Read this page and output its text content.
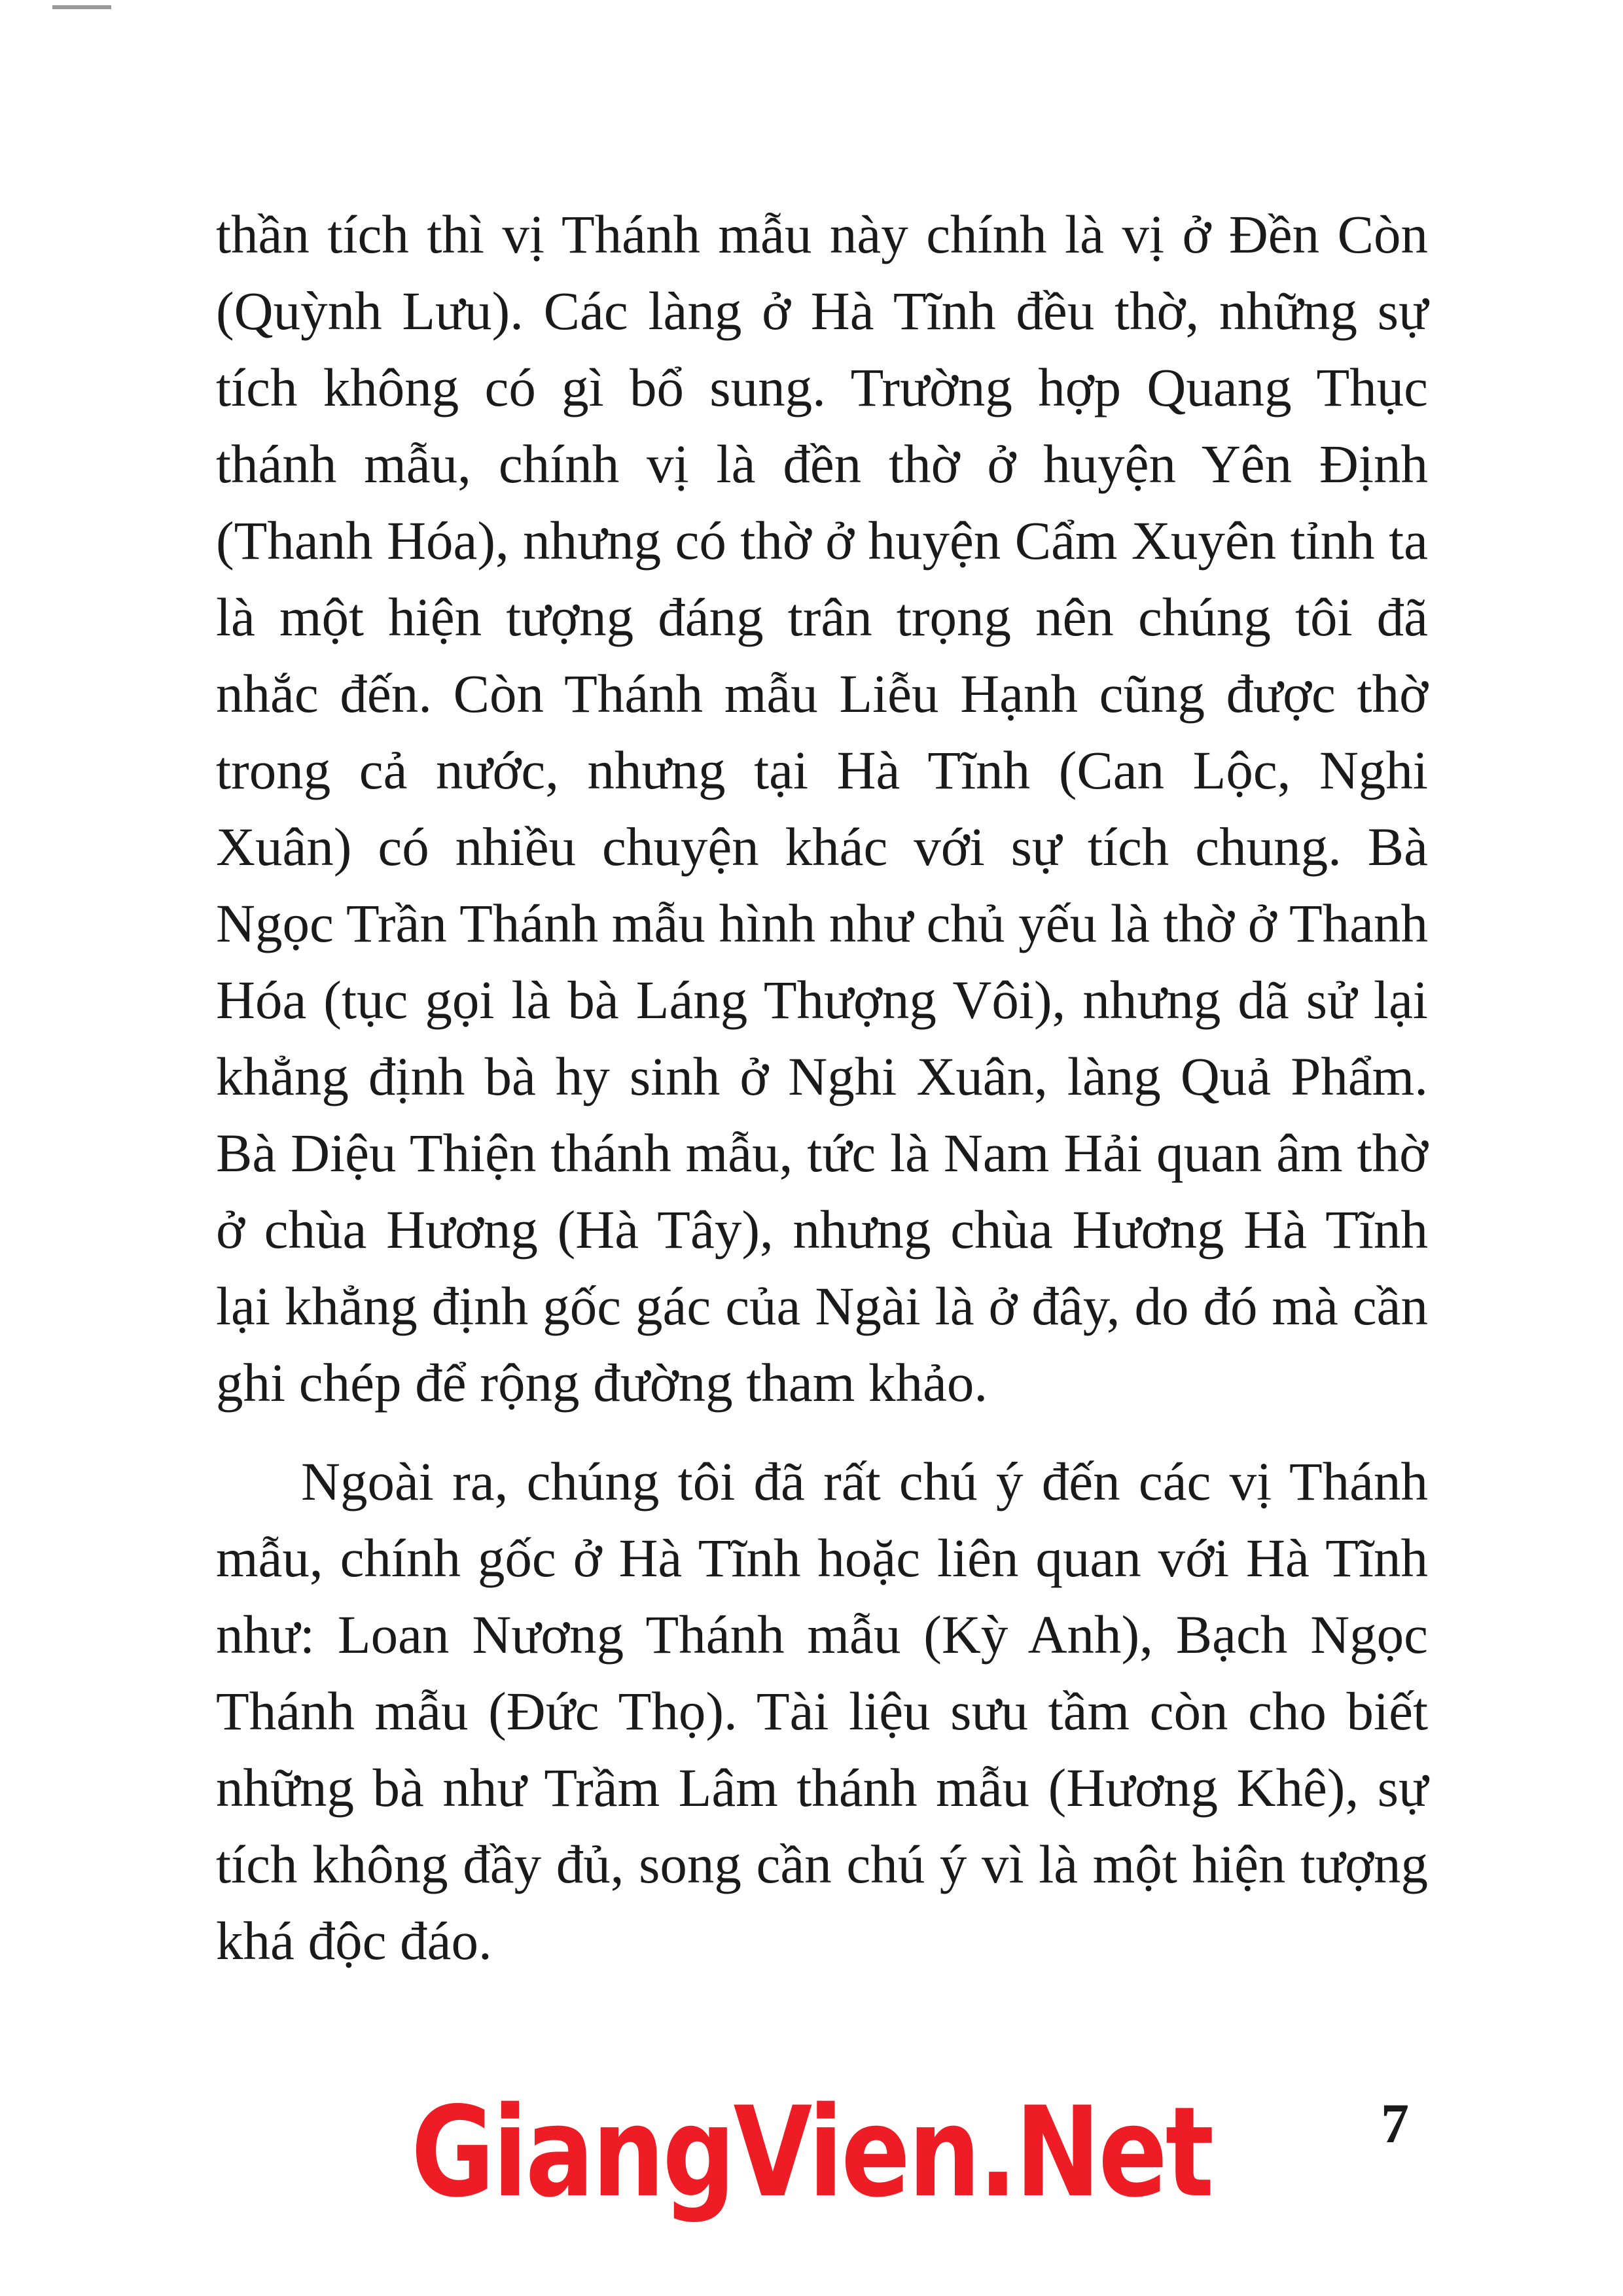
thần tích thì vị Thánh mẫu này chính là vị ở Đền Còn (Quỳnh Lưu). Các làng ở Hà Tĩnh đều thờ, những sự tích không có gì bổ sung. Trường hợp Quang Thục thánh mẫu, chính vị là đền thờ ở huyện Yên Định (Thanh Hóa), nhưng có thờ ở huyện Cẩm Xuyên tỉnh ta là một hiện tượng đáng trân trọng nên chúng tôi đã nhắc đến. Còn Thánh mẫu Liễu Hạnh cũng được thờ trong cả nước, nhưng tại Hà Tĩnh (Can Lộc, Nghi Xuân) có nhiều chuyện khác với sự tích chung. Bà Ngọc Trần Thánh mẫu hình như chủ yếu là thờ ở Thanh Hóa (tục gọi là bà Láng Thượng Vôi), nhưng dã sử lại khẳng định bà hy sinh ở Nghi Xuân, làng Quả Phẩm. Bà Diệu Thiện thánh mẫu, tức là Nam Hải quan âm thờ ở chùa Hương (Hà Tây), nhưng chùa Hương Hà Tĩnh lại khẳng định gốc gác của Ngài là ở đây, do đó mà cần ghi chép để rộng đường tham khảo.

Ngoài ra, chúng tôi đã rất chú ý đến các vị Thánh mẫu, chính gốc ở Hà Tĩnh hoặc liên quan với Hà Tĩnh như: Loan Nương Thánh mẫu (Kỳ Anh), Bạch Ngọc Thánh mẫu (Đức Thọ). Tài liệu sưu tầm còn cho biết những bà như Trầm Lâm thánh mẫu (Hương Khê), sự tích không đầy đủ, song cần chú ý vì là một hiện tượng khá độc đáo.

GiangVien.Net	7
